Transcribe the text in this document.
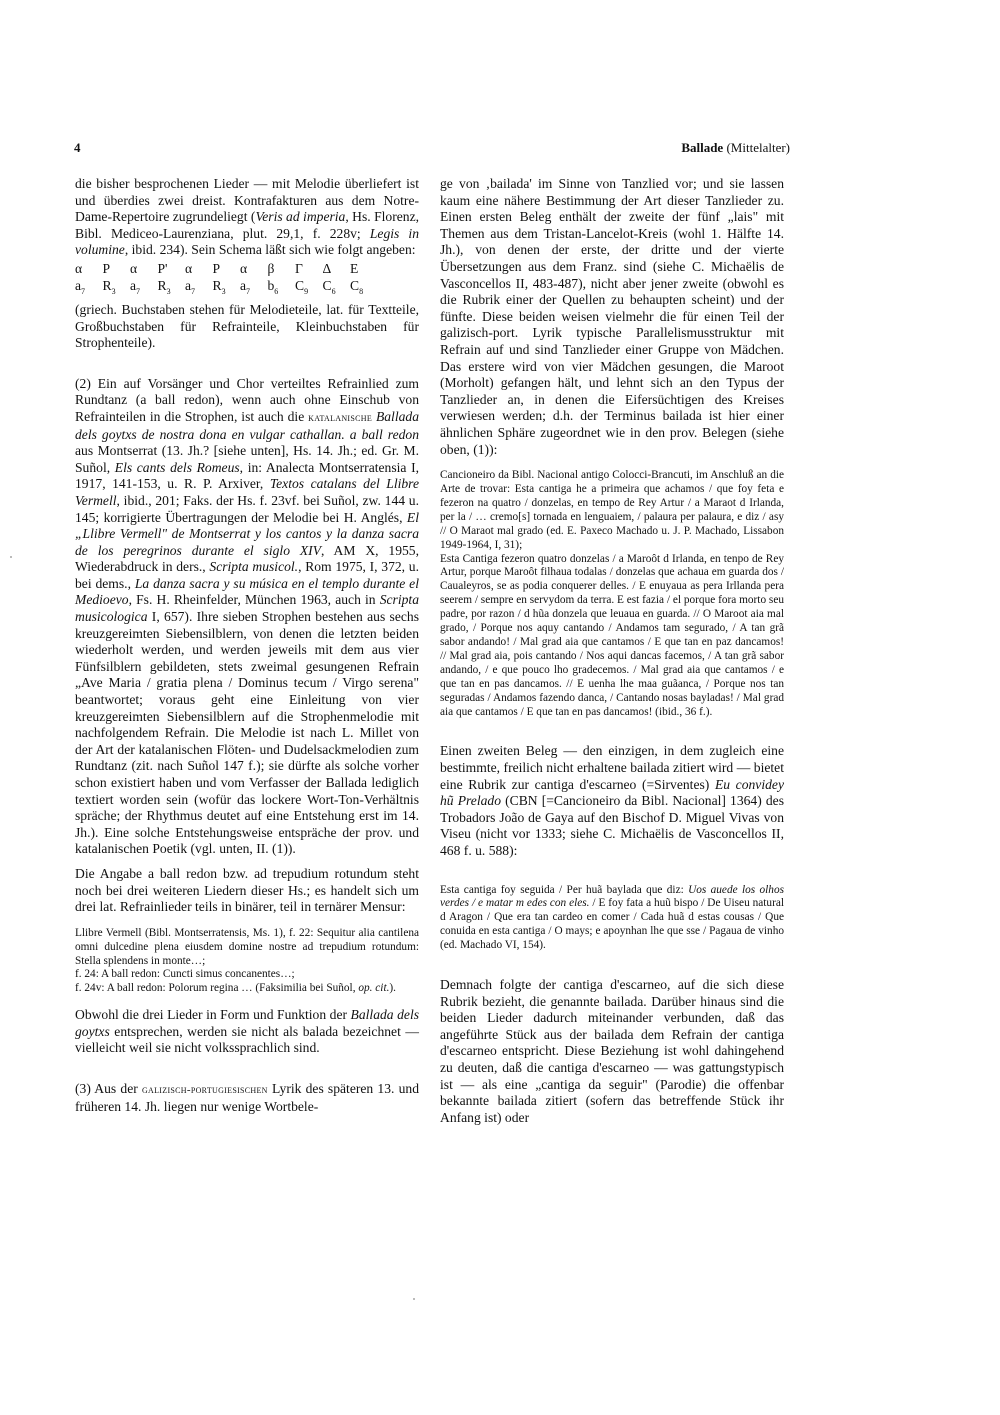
4	Ballade (Mittelalter)

die bisher besprochenen Lieder — mit Melodie überliefert ist und überdies zwei dreist. Kontrafakturen aus dem Notre-Dame-Repertoire zugrundeliegt (Veris ad imperia, Hs. Florenz, Bibl. Mediceo-Laurenziana, plut. 29,1, f. 228v; Legis in volumine, ibid. 234). Sein Schema läßt sich wie folgt angeben:

α	Ρ	α	Ρ'	α	Ρ	α	β	Γ	Δ	Ε
$a_7$	$R_3$	$a_7$	$R_3$	$a_7$	$R_3$	$a_7$	$b_6$	$C_9$	$C_6$	$C_8$

(griech. Buchstaben stehen für Melodieteile, lat. für Textteile, Großbuchstaben für Refrainteile, Kleinbuchstaben für Strophenteile).

(2) Ein auf Vorsänger und Chor verteiltes Refrainlied zum Rundtanz (a ball redon), wenn auch ohne Einschub von Refrainteilen in die Strophen, ist auch die katalanische Ballada dels goytxs de nostra dona en vulgar cathallan. a ball redon aus Montserrat (13. Jh.? [siehe unten], Hs. 14. Jh.; ed. Gr. M. Suñol, Els cants dels Romeus, in: Analecta Montserratensia I, 1917, 141-153, u. R. P. Arxiver, Textos catalans del Llibre Vermell, ibid., 201; Faks. der Hs. f. 23vf. bei Suñol, zw. 144 u. 145; korrigierte Übertragungen der Melodie bei H. Anglés, El „Llibre Vermell" de Montserrat y los cantos y la danza sacra de los peregrinos durante el siglo XIV, AM X, 1955, Wiederabdruck in ders., Scripta musicol., Rom 1975, I, 372, u. bei dems., La danza sacra y su música en el templo durante el Medioevo, Fs. H. Rheinfelder, München 1963, auch in Scripta musicologica I, 657). Ihre sieben Strophen bestehen aus sechs kreuzgereimten Siebensilblern, von denen die letzten beiden wiederholt werden, und werden jeweils mit dem aus vier Fünfsilblern gebildeten, stets zweimal gesungenen Refrain „Ave Maria / gratia plena / Dominus tecum / Virgo serena" beantwortet; voraus geht eine Einleitung von vier kreuzgereimten Siebensilblern auf die Strophenmelodie mit nachfolgendem Refrain. Die Melodie ist nach L. Millet von der Art der katalanischen Flöten- und Dudelsackmelodien zum Rundtanz (zit. nach Suñol 147 f.); sie dürfte als solche vorher schon existiert haben und vom Verfasser der Ballada lediglich textiert worden sein (wofür das lockere Wort-Ton-Verhältnis spräche; der Rhythmus deutet auf eine Entstehung erst im 14. Jh.). Eine solche Entstehungsweise entspräche der prov. und katalanischen Poetik (vgl. unten, II. (1)).

Die Angabe a ball redon bzw. ad trepudium rotundum steht noch bei drei weiteren Liedern dieser Hs.; es handelt sich um drei lat. Refrainlieder teils in binärer, teil in ternärer Mensur:

Llibre Vermell (Bibl. Montserratensis, Ms. 1), f. 22: Sequitur alia cantilena omni dulcedine plena eiusdem domine nostre ad trepudium rotundum: Stella splendens in monte…;

f. 24: A ball redon: Cuncti simus concanentes…;

f. 24v: A ball redon: Polorum regina … (Faksimilia bei Suñol, op. cit.).

Obwohl die drei Lieder in Form und Funktion der Ballada dels goytxs entsprechen, werden sie nicht als balada bezeichnet — vielleicht weil sie nicht volkssprachlich sind.

(3) Aus der galizisch-portugiesischen Lyrik des späteren 13. und früheren 14. Jh. liegen nur wenige Wortbele-

ge von ‚bailada' im Sinne von Tanzlied vor; und sie lassen kaum eine nähere Bestimmung der Art dieser Tanzlieder zu. Einen ersten Beleg enthält der zweite der fünf „lais" mit Themen aus dem Tristan-Lancelot-Kreis (wohl 1. Hälfte 14. Jh.), von denen der erste, der dritte und der vierte Übersetzungen aus dem Franz. sind (siehe C. Michaëlis de Vasconcellos II, 483-487), nicht aber jener zweite (obwohl es die Rubrik einer der Quellen zu behaupten scheint) und der fünfte. Diese beiden weisen vielmehr die für einen Teil der galizisch-port. Lyrik typische Parallelismusstruktur mit Refrain auf und sind Tanzlieder einer Gruppe von Mädchen. Das erstere wird von vier Mädchen gesungen, die Maroot (Morholt) gefangen hält, und lehnt sich an den Typus der Tanzlieder an, in denen die Eifersüchtigen des Kreises verwiesen werden; d.h. der Terminus bailada ist hier einer ähnlichen Sphäre zugeordnet wie in den prov. Belegen (siehe oben, (1)):

Cancioneiro da Bibl. Nacional antigo Colocci-Brancuti, im Anschluß an die Arte de trovar: Esta cantiga he a primeira que achamos / que foy feta e fezeron na quatro / donzelas, en tempo de Rey Artur / a Maraot d Irlanda, per la / … cremo[s] tornada en lenguaiem, / palaura per palaura, e diz / asy // O Maraot mal grado (ed. E. Paxeco Machado u. J. P. Machado, Lissabon 1949-1964, I, 31);

Esta Cantiga fezeron quatro donzelas / a Maroôt d Irlanda, en tenpo de Rey Artur, porque Maroôt filhaua todalas / donzelas que achaua em guarda dos / Caualeyros, se as podia conquerer delles. / E enuyaua as pera Irllanda pera seerem / sempre en servydom da terra. E est fazia / el porque fora morto seu padre, por razon / d hũa donzela que leuaua en guarda. // O Maroot aia mal grado, / Porque nos aquy cantando / Andamos tam segurado, / A tan grã sabor andando! / Mal grad aia que cantamos / E que tan en paz dancamos! // Mal grad aia, pois cantando / Nos aqui dancas facemos, / A tan grã sabor andando, / e que pouco lho gradecemos. / Mal grad aia que cantamos / e que tan en pas dancamos. // E uenha lhe maa guãanca, / Porque nos tan seguradas / Andamos fazendo danca, / Cantando nosas bayladas! / Mal grad aia que cantamos / E que tan en pas dancamos! (ibid., 36 f.).

Einen zweiten Beleg — den einzigen, in dem zugleich eine bestimmte, freilich nicht erhaltene bailada zitiert wird — bietet eine Rubrik zur cantiga d'escarneo (=Sirventes) Eu convidey hũ Prelado (CBN [=Cancioneiro da Bibl. Nacional] 1364) des Trobadors João de Gaya auf den Bischof D. Miguel Vivas von Viseu (nicht vor 1333; siehe C. Michaëlis de Vasconcellos II, 468 f. u. 588):

Esta cantiga foy seguida / Per huã baylada que diz: Uos auede los olhos verdes / e matar m edes con eles. / E foy fata a huũ bispo / De Uiseu natural d Aragon / Que era tan cardeo en comer / Cada huã d estas cousas / Que conuida en esta cantiga / O mays; e apoynhan lhe que sse / Pagaua de vinho (ed. Machado VI, 154).

Demnach folgte der cantiga d'escarneo, auf die sich diese Rubrik bezieht, die genannte bailada. Darüber hinaus sind die beiden Lieder dadurch miteinander verbunden, daß das angeführte Stück aus der bailada dem Refrain der cantiga d'escarneo entspricht. Diese Beziehung ist wohl dahingehend zu deuten, daß die cantiga d'escarneo — was gattungstypisch ist — als eine „cantiga da seguir" (Parodie) die offenbar bekannte bailada zitiert (sofern das betreffende Stück ihr Anfang ist) oder
